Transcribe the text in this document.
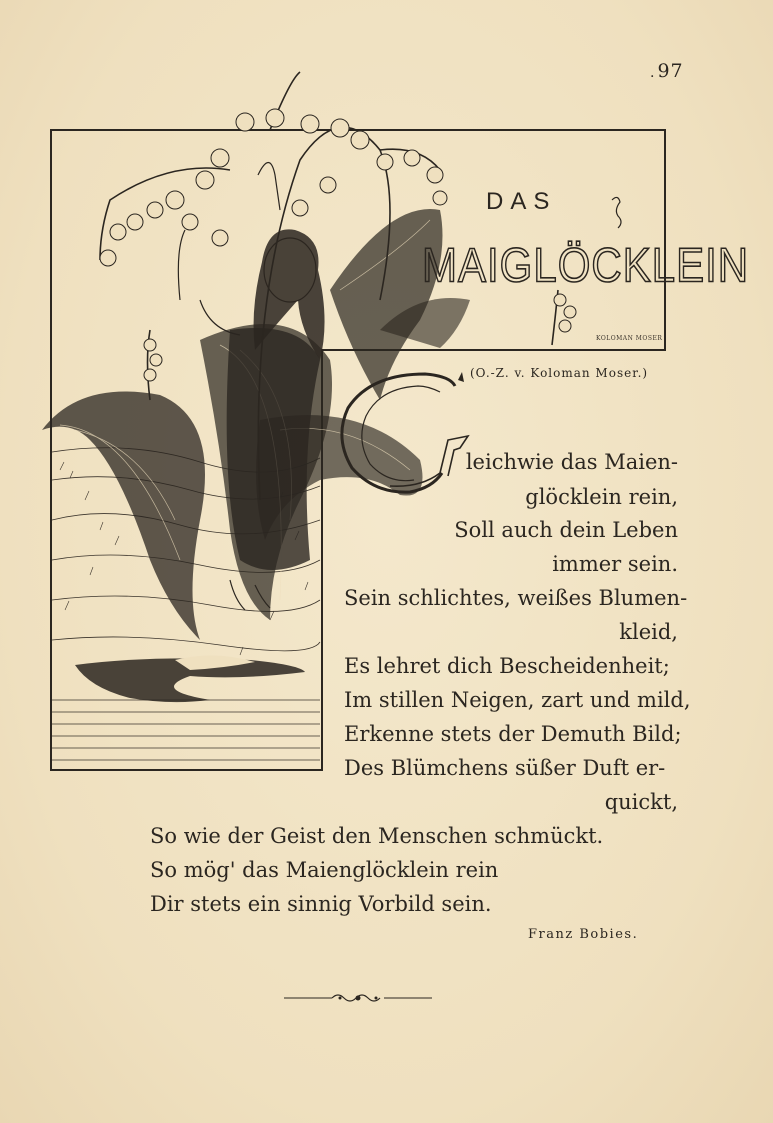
. 97
DAS
MAIGLÖCKLEIN
KOLOMAN MOSER
(O.-Z. v. Koloman Moser.)
leichwie das Maien-
glöcklein rein,
Soll auch dein Leben
immer sein.
Sein schlichtes, weißes Blumen-
kleid,
Es lehret dich Bescheidenheit;
Im stillen Neigen, zart und mild,
Erkenne stets der Demuth Bild;
Des Blümchens süßer Duft er-
quickt,
So wie der Geist den Menschen schmückt.
So mög' das Maienglöcklein rein
Dir stets ein sinnig Vorbild sein.
Franz Bobies.
